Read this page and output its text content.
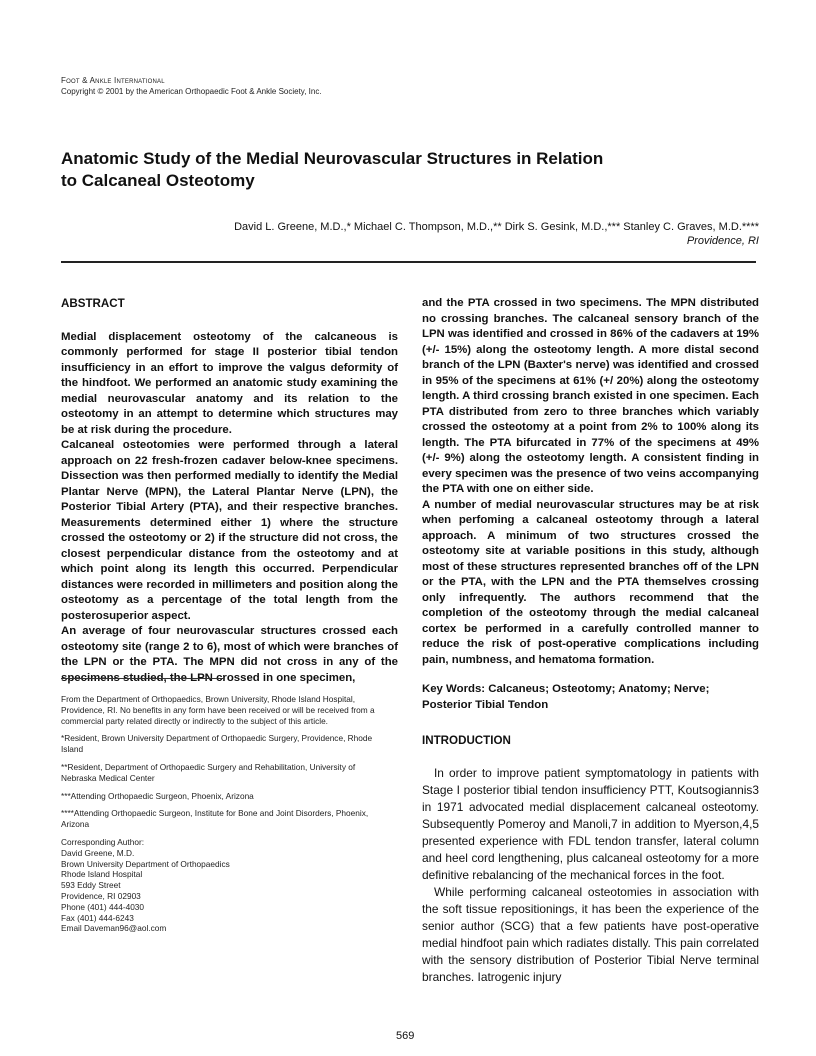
Foot & Ankle International
Copyright © 2001 by the American Orthopaedic Foot & Ankle Society, Inc.
Anatomic Study of the Medial Neurovascular Structures in Relation
to Calcaneal Osteotomy
David L. Greene, M.D.,* Michael C. Thompson, M.D.,** Dirk S. Gesink, M.D.,*** Stanley C. Graves, M.D.****
Providence, RI
ABSTRACT

Medial displacement osteotomy of the calcaneous is commonly performed for stage II posterior tibial tendon insufficiency in an effort to improve the valgus deformity of the hindfoot. We performed an anatomic study examining the medial neurovascular anatomy and its relation to the osteotomy in an attempt to determine which structures may be at risk during the procedure.

Calcaneal osteotomies were performed through a lateral approach on 22 fresh-frozen cadaver below-knee specimens. Dissection was then performed medially to identify the Medial Plantar Nerve (MPN), the Lateral Plantar Nerve (LPN), the Posterior Tibial Artery (PTA), and their respective branches. Measurements determined either 1) where the structure crossed the osteotomy or 2) if the structure did not cross, the closest perpendicular distance from the osteotomy and at which point along its length this occurred. Perpendicular distances were recorded in millimeters and position along the osteotomy as a percentage of the total length from the posterosuperior aspect.

An average of four neurovascular structures crossed each osteotomy site (range 2 to 6), most of which were branches of the LPN or the PTA. The MPN did not cross in any of the specimens studied, the LPN crossed in one specimen,

From the Department of Orthopaedics, Brown University, Rhode Island Hospital, Providence, RI. No benefits in any form have been received or will be received from a commercial party related directly or indirectly to the subject of this article.

*Resident, Brown University Department of Orthopaedic Surgery, Providence, Rhode Island

**Resident, Department of Orthopaedic Surgery and Rehabilitation, University of Nebraska Medical Center

***Attending Orthopaedic Surgeon, Phoenix, Arizona

****Attending Orthopaedic Surgeon, Institute for Bone and Joint Disorders, Phoenix, Arizona

Corresponding Author:

David Greene, M.D.

Brown University Department of Orthopaedics

Rhode Island Hospital

593 Eddy Street

Providence, RI 02903

Phone (401) 444-4030

Fax (401) 444-6243

Email Daveman96@aol.com

and the PTA crossed in two specimens. The MPN distributed no crossing branches. The calcaneal sensory branch of the LPN was identified and crossed in 86% of the cadavers at 19% (+/- 15%) along the osteotomy length. A more distal second branch of the LPN (Baxter's nerve) was identified and crossed in 95% of the specimens at 61% (+/ 20%) along the osteotomy length. A third crossing branch existed in one specimen. Each PTA distributed from zero to three branches which variably crossed the osteotomy at a point from 2% to 100% along its length. The PTA bifurcated in 77% of the specimens at 49% (+/- 9%) along the osteotomy length. A consistent finding in every specimen was the presence of two veins accompanying the PTA with one on either side.

A number of medial neurovascular structures may be at risk when perfoming a calcaneal osteotomy through a lateral approach. A minimum of two structures crossed the osteotomy site at variable positions in this study, although most of these structures represented branches off of the LPN or the PTA, with the LPN and the PTA themselves crossing only infrequently. The authors recommend that the completion of the osteotomy through the medial calcaneal cortex be performed in a carefully controlled manner to reduce the risk of post-operative complications including pain, numbness, and hematoma formation.

Key Words: Calcaneus; Osteotomy; Anatomy; Nerve; Posterior Tibial Tendon

INTRODUCTION

In order to improve patient symptomatology in patients with Stage I posterior tibial tendon insufficiency PTT, Koutsogiannis3 in 1971 advocated medial displacement calcaneal osteotomy. Subsequently Pomeroy and Manoli,7 in addition to Myerson,4,5 presented experience with FDL tendon transfer, lateral column and heel cord lengthening, plus calcaneal osteotomy for a more definitive rebalancing of the mechanical forces in the foot.

While performing calcaneal osteotomies in association with the soft tissue repositionings, it has been the experience of the senior author (SCG) that a few patients have post-operative medial hindfoot pain which radiates distally. This pain correlated with the sensory distribution of Posterior Tibial Nerve terminal branches. Iatrogenic injury

569
